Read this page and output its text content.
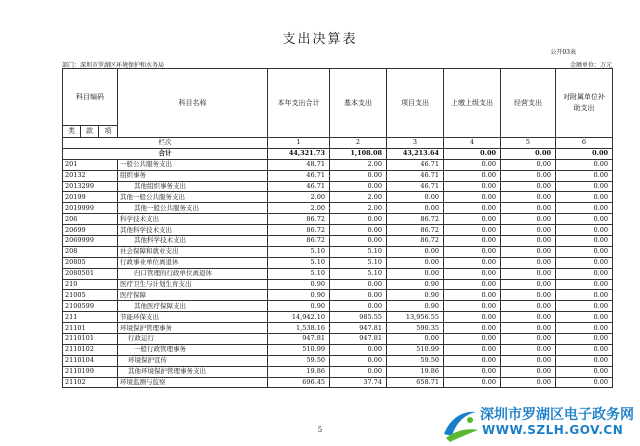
支出决算表
公开03表
部门：深圳市罗湖区环境保护和水务局	金额单位：万元
科目编码			科目名称	本年支出合计	基本支出	项目支出	上缴上级支出	经营支出	对附属单位补助支出
类	款	项							
栏次				1	2	3	4	5	6
合计				44,321.73	1,108.08	43,213.64	0.00	0.00	0.00
201			一般公共服务支出	48.71	2.00	46.71	0.00	0.00	0.00
20132			组织事务	46.71	0.00	46.71	0.00	0.00	0.00
2013299			其他组织事务支出	46.71	0.00	46.71	0.00	0.00	0.00
20199			其他一般公共服务支出	2.00	2.00	0.00	0.00	0.00	0.00
2019999			其他一般公共服务支出	2.00	2.00	0.00	0.00	0.00	0.00
206			科学技术支出	86.72	0.00	86.72	0.00	0.00	0.00
20699			其他科学技术支出	86.72	0.00	86.72	0.00	0.00	0.00
2069999			其他科学技术支出	86.72	0.00	86.72	0.00	0.00	0.00
208			社会保障和就业支出	5.10	5.10	0.00	0.00	0.00	0.00
20805			行政事业单位离退休	5.10	5.10	0.00	0.00	0.00	0.00
2080501			归口管理的行政单位离退休	5.10	5.10	0.00	0.00	0.00	0.00
210			医疗卫生与计划生育支出	0.90	0.00	0.90	0.00	0.00	0.00
21005			医疗保障	0.90	0.00	0.90	0.00	0.00	0.00
2100599			其他医疗保障支出	0.90	0.00	0.90	0.00	0.00	0.00
211			节能环保支出	14,942.10	985.55	13,956.55	0.00	0.00	0.00
21101			环境保护管理事务	1,538.16	947.81	590.35	0.00	0.00	0.00
2110101			行政运行	947.81	947.81	0.00	0.00	0.00	0.00
2110102			一般行政管理事务	510.99	0.00	510.99	0.00	0.00	0.00
2110104			环境保护宣传	59.50	0.00	59.50	0.00	0.00	0.00
2110199			其他环境保护管理事务支出	19.86	0.00	19.86	0.00	0.00	0.00
21102			环境监测与监察	696.45	37.74	658.71	0.00	0.00	0.00
5
深圳市罗湖区电子政务网
WWW.SZLH.GOV.CN
